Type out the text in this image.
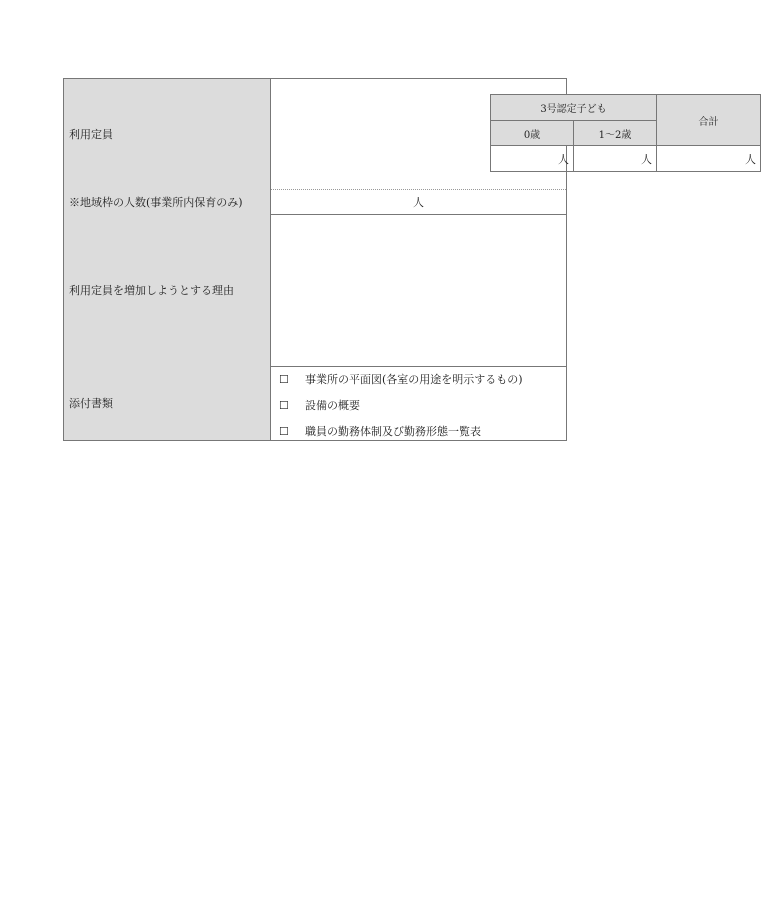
利用定員
3号認定子ども
合計
0歳	1〜2歳
人	人	人
※地域枠の人数(事業所内保育のみ)	人
利用定員を増加しようとする理由
添付書類
☐	事業所の平面図(各室の用途を明示するもの)
☐	設備の概要
☐	職員の勤務体制及び勤務形態一覧表
